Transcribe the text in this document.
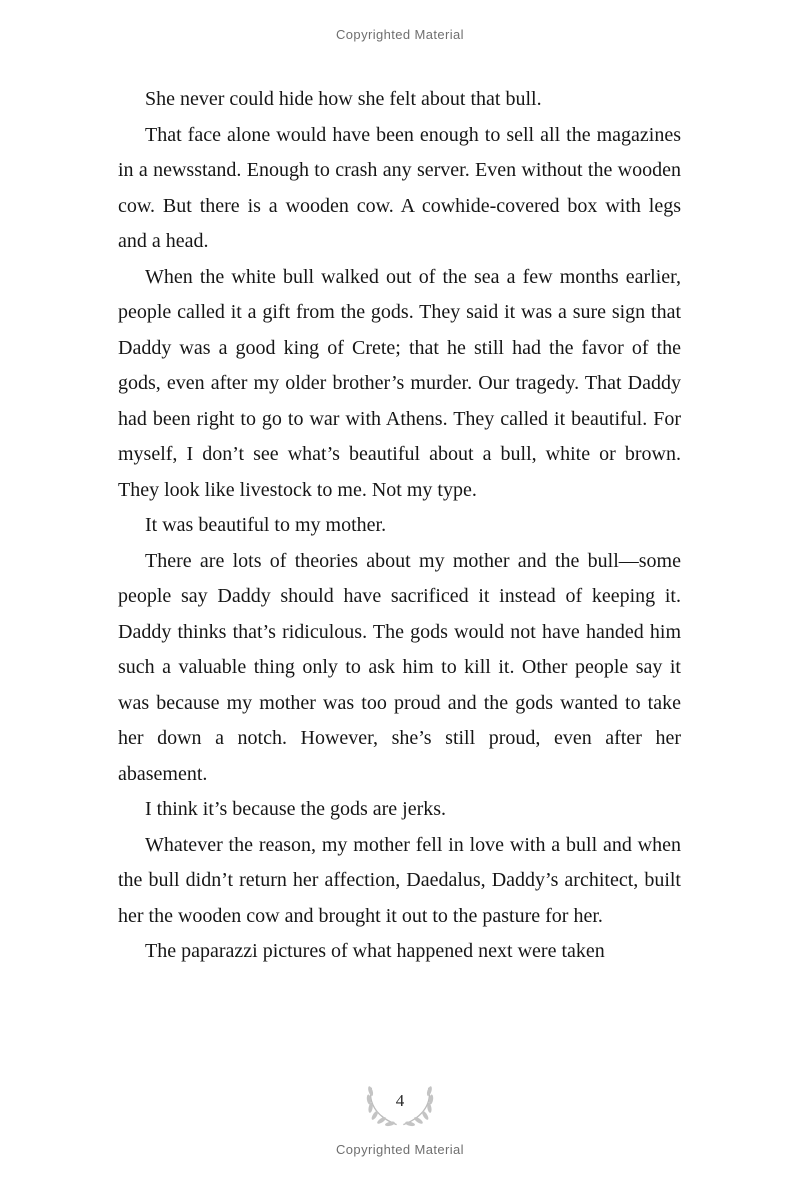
Copyrighted Material

She never could hide how she felt about that bull.

That face alone would have been enough to sell all the magazines in a newsstand. Enough to crash any server. Even without the wooden cow. But there is a wooden cow. A cowhide-covered box with legs and a head.

When the white bull walked out of the sea a few months earlier, people called it a gift from the gods. They said it was a sure sign that Daddy was a good king of Crete; that he still had the favor of the gods, even after my older brother’s murder. Our tragedy. That Daddy had been right to go to war with Athens. They called it beautiful. For myself, I don’t see what’s beautiful about a bull, white or brown. They look like livestock to me. Not my type.

It was beautiful to my mother.

There are lots of theories about my mother and the bull—some people say Daddy should have sacrificed it instead of keeping it. Daddy thinks that’s ridiculous. The gods would not have handed him such a valuable thing only to ask him to kill it. Other people say it was because my mother was too proud and the gods wanted to take her down a notch. However, she’s still proud, even after her abasement.

I think it’s because the gods are jerks.

Whatever the reason, my mother fell in love with a bull and when the bull didn’t return her affection, Daedalus, Daddy’s architect, built her the wooden cow and brought it out to the pasture for her.

The paparazzi pictures of what happened next were taken

4
Copyrighted Material
